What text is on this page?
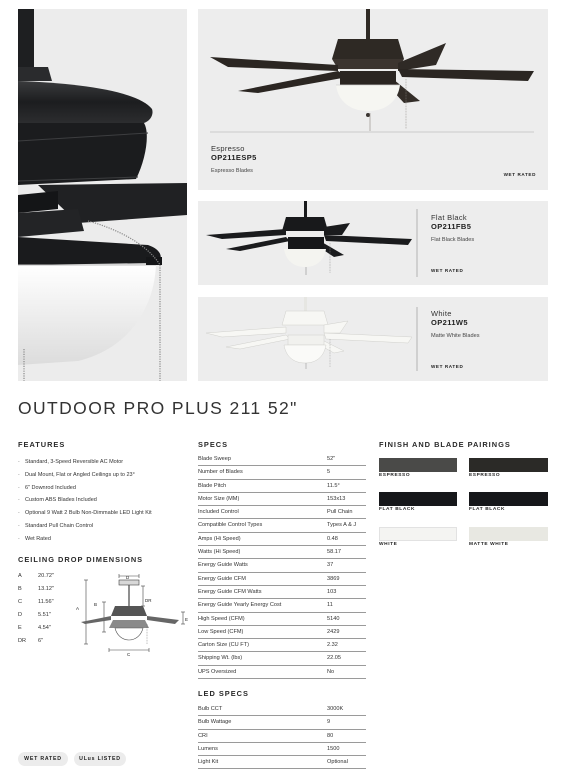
Espresso
OP211ESP5
Espresso Blades
WET RATED
Flat Black
OP211FB5
Flat Black Blades
WET RATED
White
OP211W5
Matte White Blades
WET RATED
OUTDOOR PRO PLUS 211 52"
FEATURES
· Standard, 3-Speed Reversible AC Motor
· Dual Mount, Flat or Angled Ceilings up to 23°
· 6" Downrod Included
· Custom ABS Blades Included
· Optional 9 Watt 2 Bulb Non-Dimmable LED Light Kit
· Standard Pull Chain Control
· Wet Rated
CEILING DROP DIMENSIONS
A	20.72"
B	13.12"
C	11.56"
D	5.51"
E	4.54"
DR	6"
D
A
B
DR
E
C
SPECS
Blade Sweep	52"
Number of Blades	5
Blade Pitch	11.5°
Motor Size (MM)	153x13
Included Control	Pull Chain
Compatible Control Types	Types A & J
Amps (Hi Speed)	0.48
Watts (Hi Speed)	58.17
Energy Guide Watts	37
Energy Guide CFM	3869
Energy Guide CFM Watts	103
Energy Guide Yearly Energy Cost	11
High Speed (CFM)	5140
Low Speed (CFM)	2429
Carton Size (CU FT)	2.32
Shipping Wt. (lbs)	22.05
UPS Oversized	No
LED SPECS
Bulb CCT	3000K
Bulb Wattage	9
CRI	80
Lumens	1500
Light Kit	Optional
FINISH AND BLADE PAIRINGS
ESPRESSO	ESPRESSO
FLAT BLACK	FLAT BLACK
WHITE	MATTE WHITE
WET RATED	ULus LISTED
